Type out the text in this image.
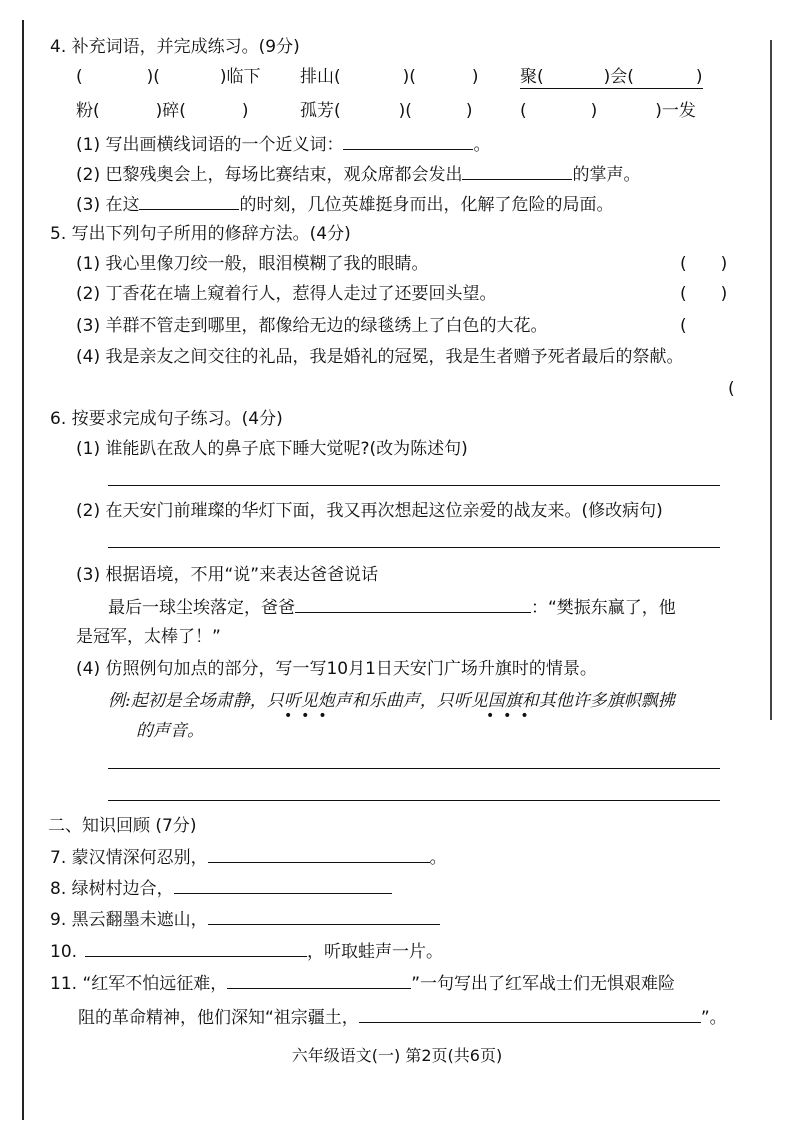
4. 补充词语，并完成练习。(9分)
(	)(	)临下 排山(	)(	) 聚(	)会(	)
粉(	)碎(	)	孤芳(	)(	)	(	)	)一发
(1) 写出画横线词语的一个近义词：	。
(2) 巴黎残奥会上，每场比赛结束，观众席都会发出	的掌声。
(3) 在这	的时刻，几位英雄挺身而出，化解了危险的局面。
5. 写出下列句子所用的修辞方法。(4分)
(1) 我心里像刀绞一般，眼泪模糊了我的眼睛。	( )
(2) 丁香花在墙上窥着行人，惹得人走过了还要回头望。	( )
(3) 羊群不管走到哪里，都像给无边的绿毯绣上了白色的大花。	(
(4) 我是亲友之间交往的礼品，我是婚礼的冠冕，我是生者赠予死者最后的祭献。
(
6. 按要求完成句子练习。(4分)
(1) 谁能趴在敌人的鼻子底下睡大觉呢?(改为陈述句)
(2) 在天安门前璀璨的华灯下面，我又再次想起这位亲爱的战友来。(修改病句)
(3) 根据语境，不用“说”来表达爸爸说话
最后一球尘埃落定，爸爸	：“樊振东赢了，他
是冠军，太棒了！”
(4) 仿照例句加点的部分，写一写10月1日天安门广场升旗时的情景。
例:起初是全场肃静，只听见炮声和乐曲声，只听见国旗和其他许多旗帜飘拂
•  •  •	•  •  •
的声音。
二、知识回顾 (7分)
7. 蒙汉情深何忍别，	。
8. 绿树村边合，
9. 黑云翻墨未遮山，
10.	，听取蛙声一片。
11. “红军不怕远征难，	”一句写出了红军战士们无惧艰难险
阻的革命精神，他们深知“祖宗疆土，	”。
六年级语文(一) 第2页(共6页)
